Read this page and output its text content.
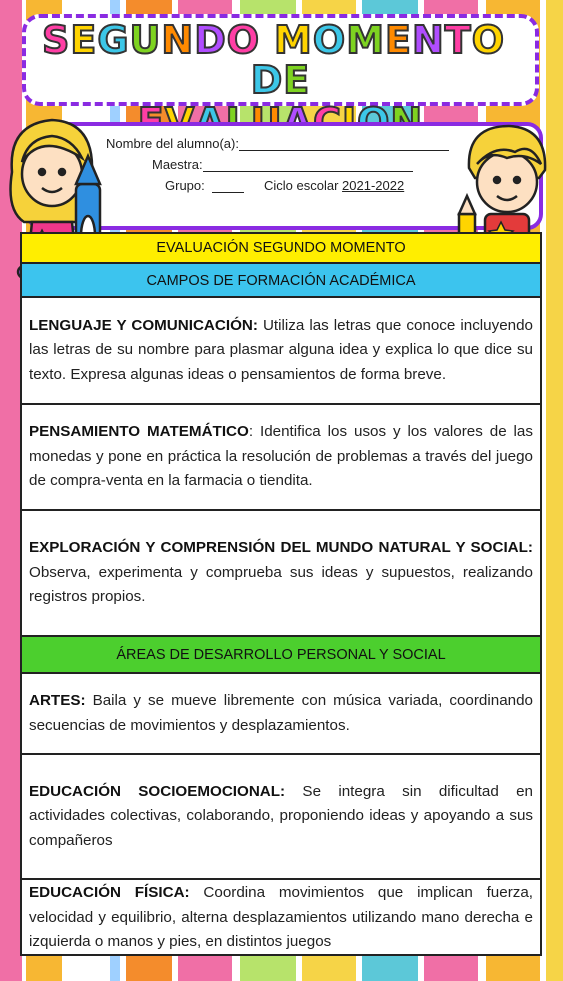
SEGUNDO MOMENTO DE
Nombre del alumno(a):
Maestra:
Grupo:	Ciclo escolar 2021-2022
EVALUACIÓN SEGUNDO MOMENTO
CAMPOS DE FORMACIÓN ACADÉMICA

LENGUAJE Y COMUNICACIÓN: Utiliza las letras que conoce incluyendo las letras de su nombre para plasmar alguna idea y explica lo que dice su texto. Expresa algunas ideas o pensamientos de forma breve.

PENSAMIENTO MATEMÁTICO: Identifica los usos y los valores de las monedas y pone en práctica la resolución de problemas a través del juego de compra-venta en la farmacia o tiendita.

EXPLORACIÓN Y COMPRENSIÓN DEL MUNDO NATURAL Y SOCIAL: Observa, experimenta y comprueba sus ideas y supuestos, realizando registros propios.

ÁREAS DE DESARROLLO PERSONAL Y SOCIAL

ARTES: Baila y se mueve libremente con música variada, coordinando secuencias de movimientos y desplazamientos.

EDUCACIÓN SOCIOEMOCIONAL: Se integra sin dificultad en actividades colectivas, colaborando, proponiendo ideas y apoyando a sus compañeros

EDUCACIÓN FÍSICA: Coordina movimientos que implican fuerza, velocidad y equilibrio, alterna desplazamientos utilizando mano derecha e izquierda o manos y pies, en distintos juegos
